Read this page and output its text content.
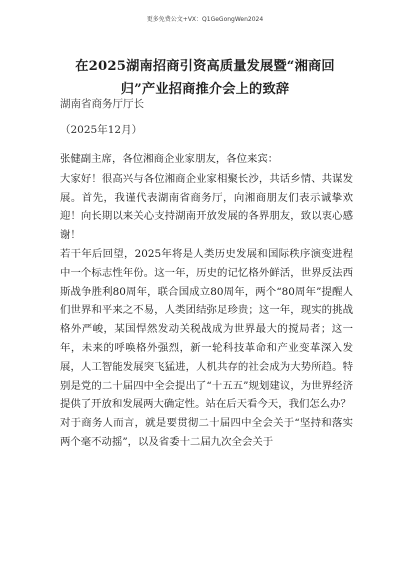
更多免费公文+VX：Q1GeGongWen2024
在2025湖南招商引资高质量发展暨“湘商回归”产业招商推介会上的致辞
湖南省商务厅厅长
（2025年12月）

张健副主席，各位湘商企业家朋友，各位来宾：

大家好！很高兴与各位湘商企业家相聚长沙，共话乡情、共谋发展。首先，我谨代表湖南省商务厅，向湘商朋友们表示诚挚欢迎！向长期以来关心支持湖南开放发展的各界朋友，致以衷心感谢！

若干年后回望，2025年将是人类历史发展和国际秩序演变进程中一个标志性年份。这一年，历史的记忆格外鲜活，世界反法西斯战争胜利80周年，联合国成立80周年，两个“80周年”提醒人们世界和平来之不易，人类团结弥足珍贵；这一年，现实的挑战格外严峻，某国悍然发动关税战成为世界最大的搅局者；这一年，未来的呼唤格外强烈，新一轮科技革命和产业变革深入发展，人工智能发展突飞猛进，人机共存的社会成为大势所趋。特别是党的二十届四中全会提出了“十五五”规划建议，为世界经济提供了开放和发展两大确定性。站在后天看今天，我们怎么办？

对于商务人而言，就是要贯彻二十届四中全会关于“坚持和落实两个毫不动摇”，以及省委十二届九次全会关于
